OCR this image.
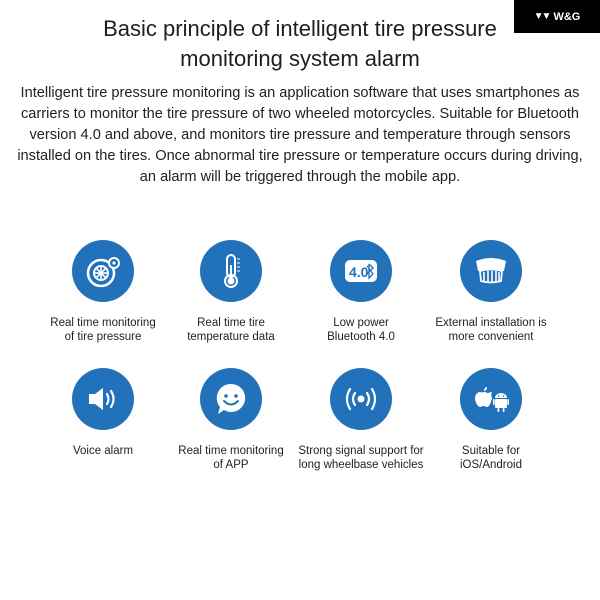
Basic principle of intelligent tire pressure
monitoring system alarm
▼▼ W&G
Intelligent tire pressure monitoring is an application software that uses smartphones as carriers to monitor the tire pressure of two wheeled motorcycles. Suitable for Bluetooth version 4.0 and above, and monitors tire pressure and temperature through sensors installed on the tires. Once abnormal tire pressure or temperature occurs during driving, an alarm will be triggered through the mobile app.
Real time monitoring
of tire pressure
Real time tire
temperature data
4.0
Low power
Bluetooth 4.0
External installation is
more convenient
Voice alarm	Real time monitoring
of APP
Strong signal support for
long wheelbase vehicles
Suitable for
iOS/Android
